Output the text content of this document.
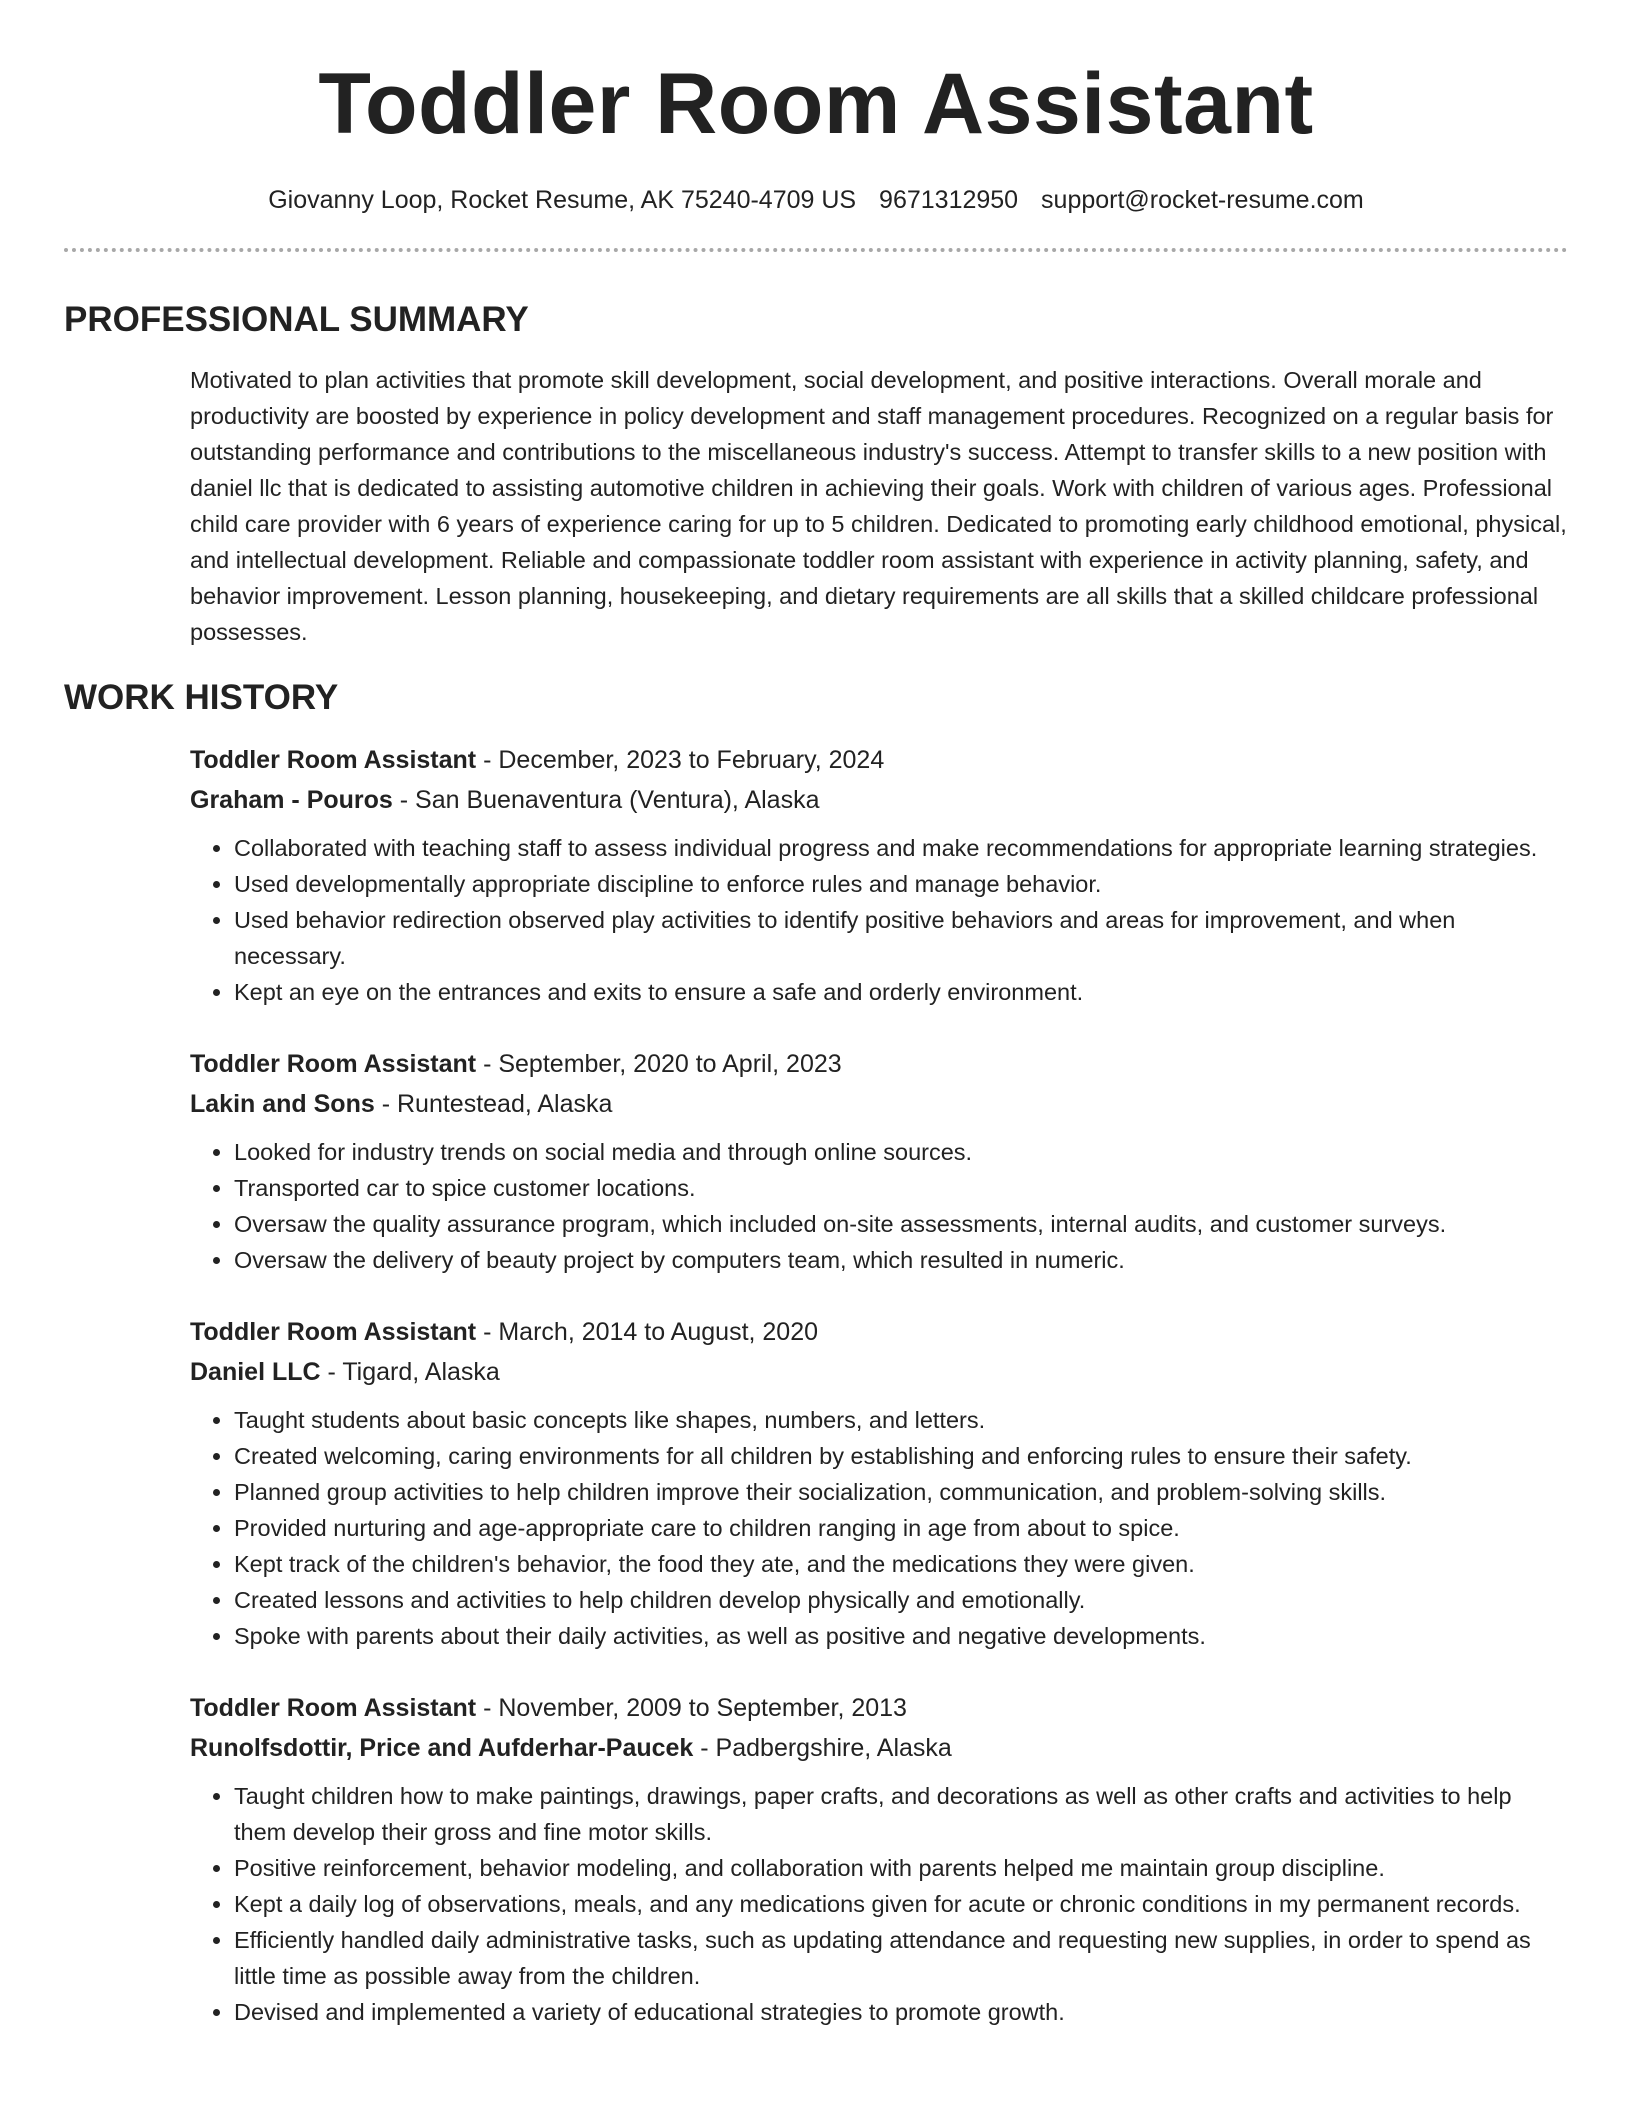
Toddler Room Assistant
Giovanny Loop, Rocket Resume, AK 75240-4709 US 9671312950 support@rocket-resume.com
PROFESSIONAL SUMMARY
Motivated to plan activities that promote skill development, social development, and positive interactions. Overall morale and productivity are boosted by experience in policy development and staff management procedures. Recognized on a regular basis for outstanding performance and contributions to the miscellaneous industry's success. Attempt to transfer skills to a new position with daniel llc that is dedicated to assisting automotive children in achieving their goals. Work with children of various ages. Professional child care provider with 6 years of experience caring for up to 5 children. Dedicated to promoting early childhood emotional, physical, and intellectual development. Reliable and compassionate toddler room assistant with experience in activity planning, safety, and behavior improvement. Lesson planning, housekeeping, and dietary requirements are all skills that a skilled childcare professional possesses.
WORK HISTORY
Toddler Room Assistant - December, 2023 to February, 2024
Graham - Pouros - San Buenaventura (Ventura), Alaska
• Collaborated with teaching staff to assess individual progress and make recommendations for appropriate learning strategies.
• Used developmentally appropriate discipline to enforce rules and manage behavior.
• Used behavior redirection observed play activities to identify positive behaviors and areas for improvement, and when necessary.
• Kept an eye on the entrances and exits to ensure a safe and orderly environment.
Toddler Room Assistant - September, 2020 to April, 2023
Lakin and Sons - Runtestead, Alaska
• Looked for industry trends on social media and through online sources.
• Transported car to spice customer locations.
• Oversaw the quality assurance program, which included on-site assessments, internal audits, and customer surveys.
• Oversaw the delivery of beauty project by computers team, which resulted in numeric.
Toddler Room Assistant - March, 2014 to August, 2020
Daniel LLC - Tigard, Alaska
• Taught students about basic concepts like shapes, numbers, and letters.
• Created welcoming, caring environments for all children by establishing and enforcing rules to ensure their safety.
• Planned group activities to help children improve their socialization, communication, and problem-solving skills.
• Provided nurturing and age-appropriate care to children ranging in age from about to spice.
• Kept track of the children's behavior, the food they ate, and the medications they were given.
• Created lessons and activities to help children develop physically and emotionally.
• Spoke with parents about their daily activities, as well as positive and negative developments.
Toddler Room Assistant - November, 2009 to September, 2013
Runolfsdottir, Price and Aufderhar-Paucek - Padbergshire, Alaska
• Taught children how to make paintings, drawings, paper crafts, and decorations as well as other crafts and activities to help them develop their gross and fine motor skills.
• Positive reinforcement, behavior modeling, and collaboration with parents helped me maintain group discipline.
• Kept a daily log of observations, meals, and any medications given for acute or chronic conditions in my permanent records.
• Efficiently handled daily administrative tasks, such as updating attendance and requesting new supplies, in order to spend as little time as possible away from the children.
• Devised and implemented a variety of educational strategies to promote growth.
